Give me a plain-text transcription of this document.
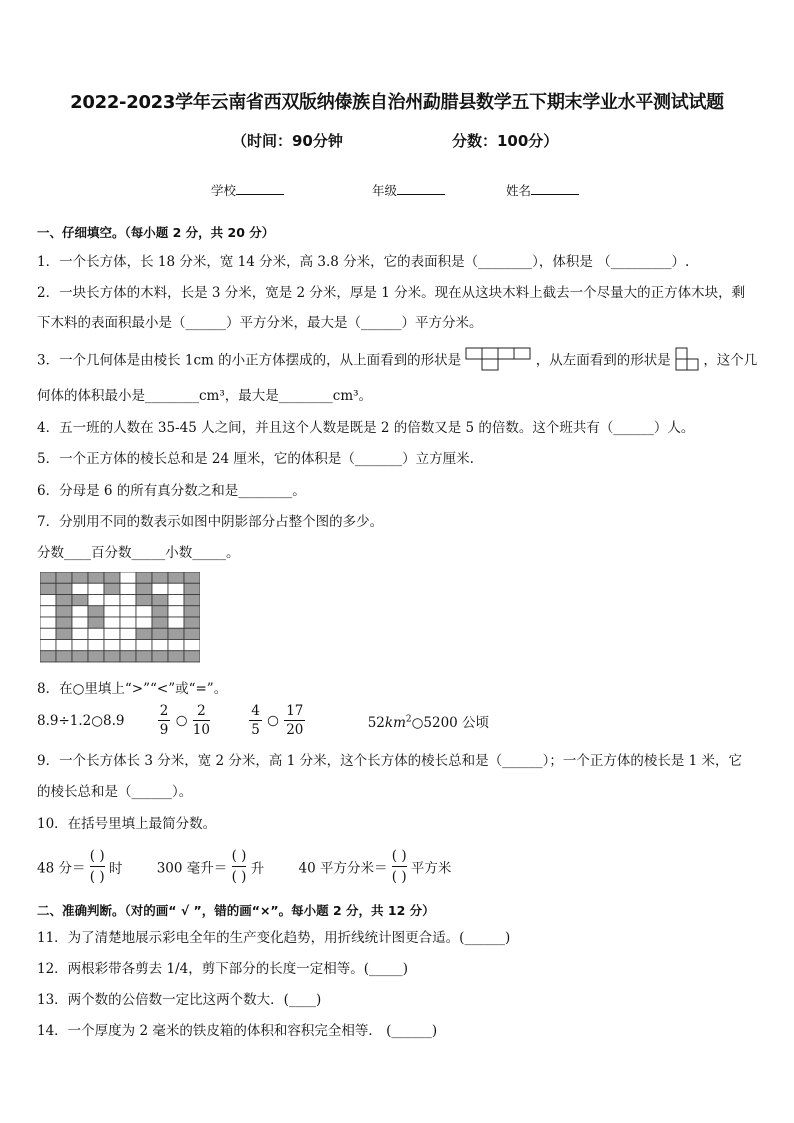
2022-2023学年云南省西双版纳傣族自治州勐腊县数学五下期末学业水平测试试题
（时间：90分钟	分数：100分）
学校	年级	姓名
一、仔细填空。（每小题 2 分，共 20 分）
1．一个长方体，长 18 分米，宽 14 分米，高 3.8 分米，它的表面积是（________），体积是 （_________）.
2．一块长方体的木料，长是 3 分米，宽是 2 分米，厚是 1 分米。现在从这块木料上截去一个尽量大的正方体木块，剩
下木料的表面积最小是（______）平方分米，最大是（______）平方分米。
3．一个几何体是由棱长 1cm 的小正方体摆成的，从上面看到的形状是	，从左面看到的形状是 ，这个几
何体的体积最小是________cm³，最大是________cm³。
4．五一班的人数在 35-45 人之间，并且这个人数是既是 2 的倍数又是 5 的倍数。这个班共有（______）人。
5．一个正方体的棱长总和是 24 厘米，它的体积是（_______）立方厘米.
6．分母是 6 的所有真分数之和是________。
7．分别用不同的数表示如图中阴影部分占整个图的多少。
分数____百分数_____小数_____。
8．在○里填上“>”“<”或“=”。
8.9÷1.2○8.9 $\frac{2}{9}$ ○ $\frac{2}{10}$
	$\frac{4}{5}$ ○ $\frac{17}{20}$	$52km^2○5200$ 公顷
9．一个长方体长 3 分米，宽 2 分米，高 1 分米，这个长方体的棱长总和是（______）；一个正方体的棱长是 1 米，它
的棱长总和是（______）。
10．在括号里填上最简分数。
48 分＝
( )
( )
时	300 毫升＝
( )
( )
升	40 平方分米＝
( )
( )
平方米
二、准确判断。（对的画“ √ ”，错的画“×”。每小题 2 分，共 12 分）
11．为了清楚地展示彩电全年的生产变化趋势，用折线统计图更合适。(______)
12．两根彩带各剪去 1/4，剪下部分的长度一定相等。(_____)
13．两个数的公倍数一定比这两个数大．(____)
14．一个厚度为 2 毫米的铁皮箱的体积和容积完全相等． (______)
